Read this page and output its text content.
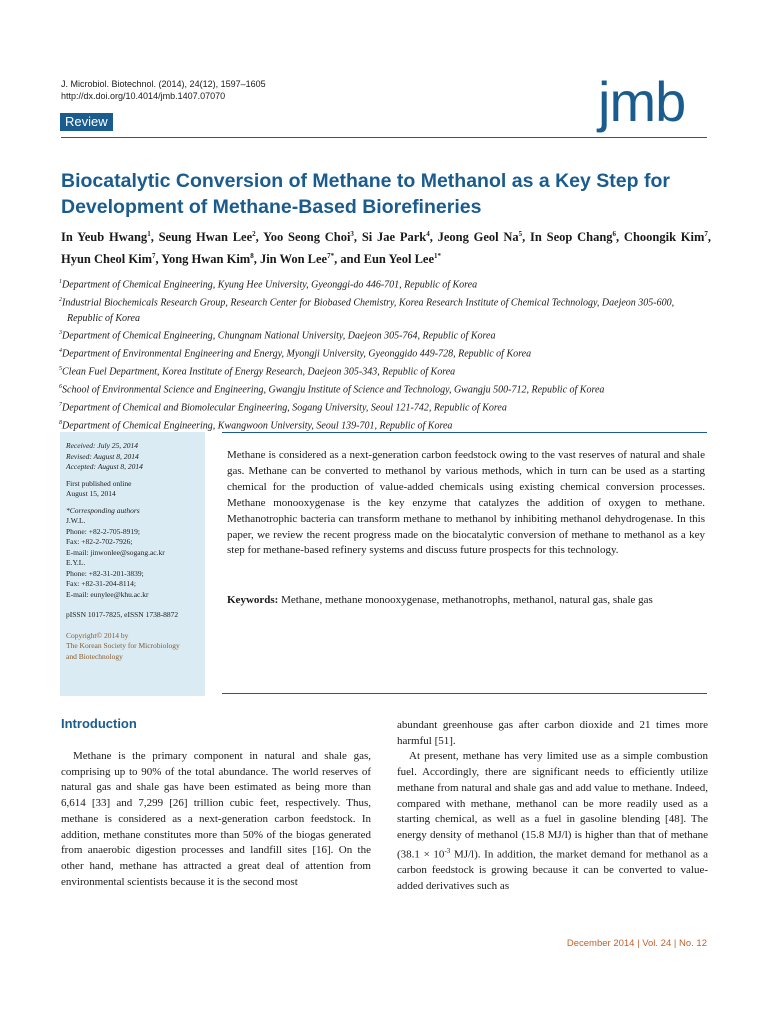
J. Microbiol. Biotechnol. (2014), 24(12), 1597–1605
http://dx.doi.org/10.4014/jmb.1407.07070	jmb
Review
Biocatalytic Conversion of Methane to Methanol as a Key Step for Development of Methane-Based Biorefineries
In Yeub Hwang$^1$, Seung Hwan Lee$^2$, Yoo Seong Choi$^3$, Si Jae Park$^4$, Jeong Geol Na$^5$, In Seop Chang$^6$, Choongik Kim$^7$, Hyun Cheol Kim$^7$, Yong Hwan Kim$^8$, Jin Won Lee$^{7*}$, and Eun Yeol Lee$^{1*}$

$^1$Department of Chemical Engineering, Kyung Hee University, Gyeonggi-do 446-701, Republic of Korea

$^2$Industrial Biochemicals Research Group, Research Center for Biobased Chemistry, Korea Research Institute of Chemical Technology, Daejeon 305-600, Republic of Korea

$^3$Department of Chemical Engineering, Chungnam National University, Daejeon 305-764, Republic of Korea

$^4$Department of Environmental Engineering and Energy, Myongji University, Gyeonggido 449-728, Republic of Korea

$^5$Clean Fuel Department, Korea Institute of Energy Research, Daejeon 305-343, Republic of Korea

$^6$School of Environmental Science and Engineering, Gwangju Institute of Science and Technology, Gwangju 500-712, Republic of Korea

$^7$Department of Chemical and Biomolecular Engineering, Sogang University, Seoul 121-742, Republic of Korea

$^8$Department of Chemical Engineering, Kwangwoon University, Seoul 139-701, Republic of Korea

Received: July 25, 2014
Revised: August 8, 2014
Accepted: August 8, 2014
First published online
August 15, 2014
*Corresponding authors
J.W.L.
Phone: +82-2-705-8919;
Fax: +82-2-702-7926;
E-mail: jinwonlee@sogang.ac.kr
E.Y.L.
Phone: +82-31-201-3839;
Fax: +82-31-204-8114;
E-mail: eunylee@khu.ac.kr
pISSN 1017-7825, eISSN 1738-8872
Copyright© 2014 by
The Korean Society for Microbiology
and Biotechnology

Methane is considered as a next-generation carbon feedstock owing to the vast reserves of natural and shale gas. Methane can be converted to methanol by various methods, which in turn can be used as a starting chemical for the production of value-added chemicals using existing chemical conversion processes. Methane monooxygenase is the key enzyme that catalyzes the addition of oxygen to methane. Methanotrophic bacteria can transform methane to methanol by inhibiting methanol dehydrogenase. In this paper, we review the recent progress made on the biocatalytic conversion of methane to methanol as a key step for methane-based refinery systems and discuss future prospects for this technology.

Keywords: Methane, methane monooxygenase, methanotrophs, methanol, natural gas, shale gas

Introduction

Methane is the primary component in natural and shale gas, comprising up to 90% of the total abundance. The world reserves of natural gas and shale gas have been estimated as being more than 6,614 [33] and 7,299 [26] trillion cubic feet, respectively. Thus, methane is considered as a next-generation carbon feedstock. In addition, methane constitutes more than 50% of the biogas generated from anaerobic digestion processes and landfill sites [16]. On the other hand, methane has attracted a great deal of attention from environmental scientists because it is the second most

abundant greenhouse gas after carbon dioxide and 21 times more harmful [51].

At present, methane has very limited use as a simple combustion fuel. Accordingly, there are significant needs to efficiently utilize methane from natural and shale gas and add value to methane. Indeed, compared with methane, methanol can be more readily used as a starting chemical, as well as a fuel in gasoline blending [48]. The energy density of methanol (15.8 MJ/l) is higher than that of methane ($38.1 \times 10^{-3}$ MJ/l). In addition, the market demand for methanol as a carbon feedstock is growing because it can be converted to value-added derivatives such as

December 2014 | Vol. 24 | No. 12
